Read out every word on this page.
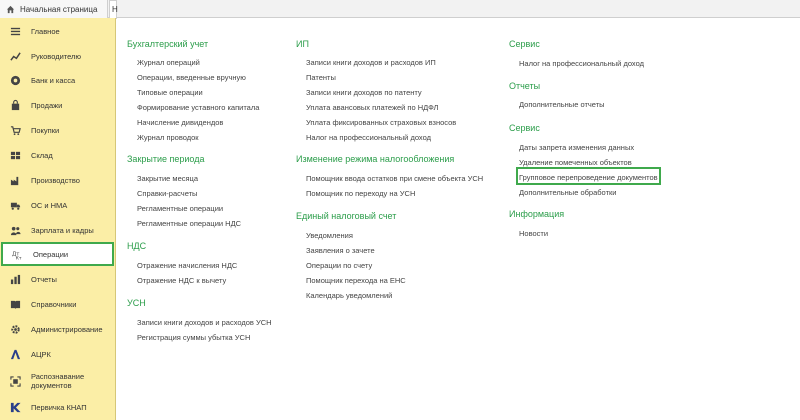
Начальная страница	Н
Главное
Руководителю
Банк и касса
Продажи
Покупки
Склад
Производство
ОС и НМА
Зарплата и кадры
Дт
Кт
Операции
Отчеты
Справочники
Администрирование
АЦРК
Распознавание документов
Первичка КНАП
Бухгалтерский учет
Журнал операций
Операции, введенные вручную
Типовые операции
Формирование уставного капитала
Начисление дивидендов
Журнал проводок
Закрытие периода
Закрытие месяца
Справки-расчеты
Регламентные операции
Регламентные операции НДС
НДС
Отражение начисления НДС
Отражение НДС к вычету
УСН
Записи книги доходов и расходов УСН
Регистрация суммы убытка УСН
ИП
Записи книги доходов и расходов ИП
Патенты
Записи книги доходов по патенту
Уплата авансовых платежей по НДФЛ
Уплата фиксированных страховых взносов
Налог на профессиональный доход
Изменение режима налогообложения
Помощник ввода остатков при смене объекта УСН
Помощник по переходу на УСН
Единый налоговый счет
Уведомления
Заявления о зачете
Операции по счету
Помощник перехода на ЕНС
Календарь уведомлений
Сервис
Налог на профессиональный доход
Отчеты
Дополнительные отчеты
Сервис
Даты запрета изменения данных
Удаление помеченных объектов
Групповое перепроведение документов
Дополнительные обработки
Информация
Новости
